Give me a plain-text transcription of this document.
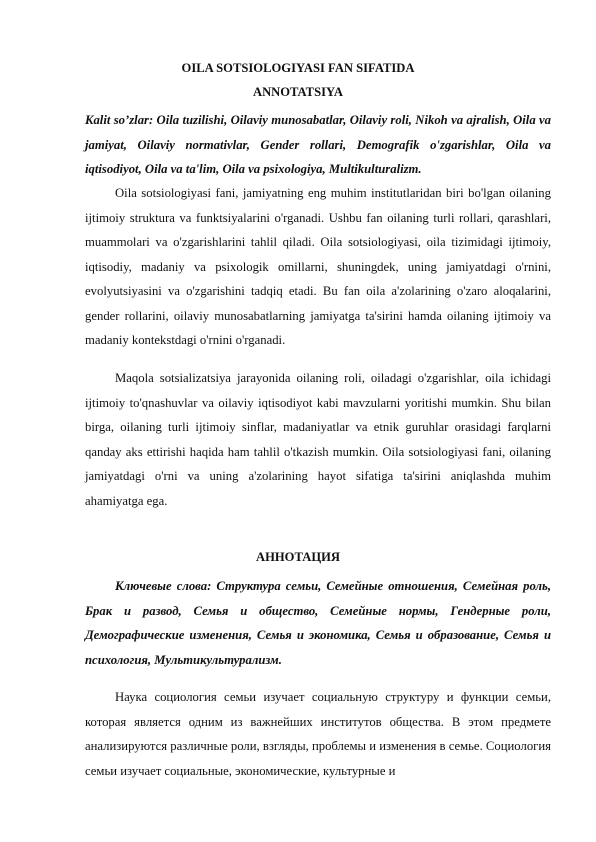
OILA SOTSIOLOGIYASI FAN SIFATIDA

ANNOTATSIYA

Kalit so’zlar: Oila tuzilishi, Oilaviy munosabatlar, Oilaviy roli, Nikoh va ajralish, Oila va jamiyat, Oilaviy normativlar, Gender rollari, Demografik o'zgarishlar, Oila va iqtisodiyot, Oila va ta'lim, Oila va psixologiya, Multikulturalizm.

Oila sotsiologiyasi fani, jamiyatning eng muhim institutlaridan biri bo'lgan oilaning ijtimoiy struktura va funktsiyalarini o'rganadi. Ushbu fan oilaning turli rollari, qarashlari, muammolari va o'zgarishlarini tahlil qiladi. Oila sotsiologiyasi, oila tizimidagi ijtimoiy, iqtisodiy, madaniy va psixologik omillarni, shuningdek, uning jamiyatdagi o'rnini, evolyutsiyasini va o'zgarishini tadqiq etadi. Bu fan oila a'zolarining o'zaro aloqalarini, gender rollarini, oilaviy munosabatlarning jamiyatga ta'sirini hamda oilaning ijtimoiy va madaniy kontekstdagi o'rnini o'rganadi.

Maqola sotsializatsiya jarayonida oilaning roli, oiladagi o'zgarishlar, oila ichidagi ijtimoiy to'qnashuvlar va oilaviy iqtisodiyot kabi mavzularni yoritishi mumkin. Shu bilan birga, oilaning turli ijtimoiy sinflar, madaniyatlar va etnik guruhlar orasidagi farqlarni qanday aks ettirishi haqida ham tahlil o'tkazish mumkin. Oila sotsiologiyasi fani, oilaning jamiyatdagi o'rni va uning a'zolarining hayot sifatiga ta'sirini aniqlashda muhim ahamiyatga ega.

АННОТАЦИЯ

Ключевые слова: Структура семьи, Семейные отношения, Семейная роль, Брак и развод, Семья и общество, Семейные нормы, Гендерные роли, Демографические изменения, Семья и экономика, Семья и образование, Семья и психология, Мультикультурализм.

Наука социология семьи изучает социальную структуру и функции семьи, которая является одним из важнейших институтов общества. В этом предмете анализируются различные роли, взгляды, проблемы и изменения в семье. Социология семьи изучает социальные, экономические, культурные и
